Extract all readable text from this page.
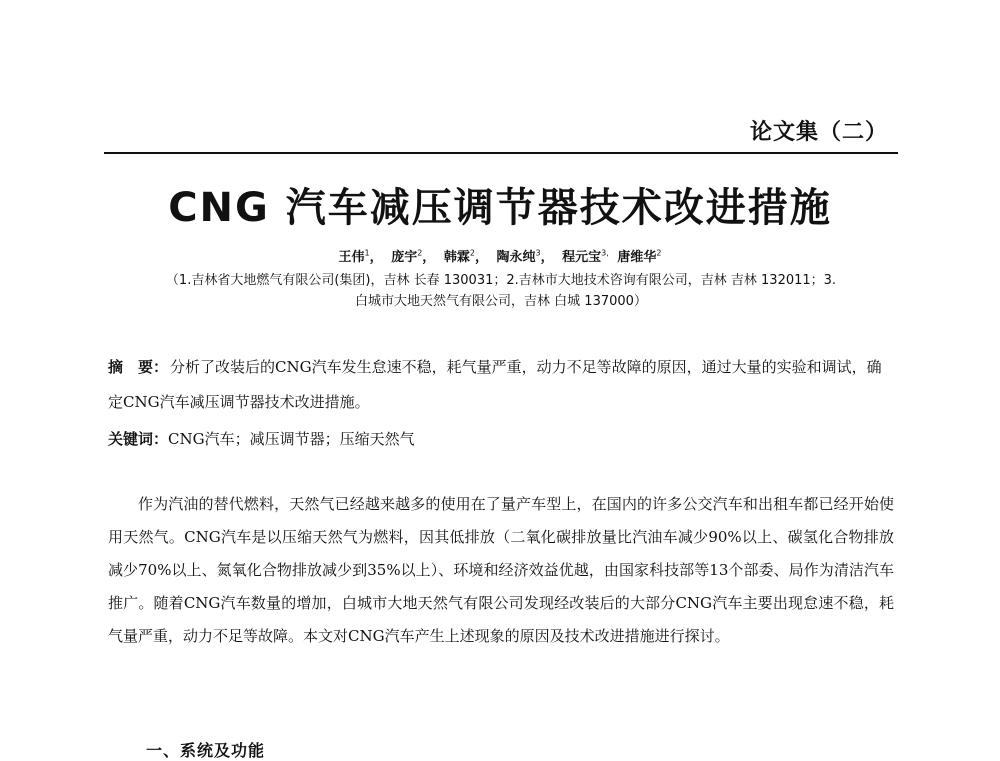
论文集（二）
CNG 汽车减压调节器技术改进措施
王伟$^1$， 庞宇$^2$， 韩霖$^2$， 陶永纯$^3$， 程元宝$^{3,}$ 唐维华$^2$
（1.吉林省大地燃气有限公司(集团)，吉林 长春 130031；2.吉林市大地技术咨询有限公司，吉林 吉林 132011；3.
白城市大地天然气有限公司，吉林 白城 137000）
摘　要： 分析了改装后的CNG汽车发生怠速不稳，耗气量严重，动力不足等故障的原因，通过大量的实验和调试，确定CNG汽车减压调节器技术改进措施。
关键词：CNG汽车；减压调节器；压缩天然气

作为汽油的替代燃料，天然气已经越来越多的使用在了量产车型上，在国内的许多公交汽车和出租车都已经开始使用天然气。CNG汽车是以压缩天然气为燃料，因其低排放（二氧化碳排放量比汽油车减少90%以上、碳氢化合物排放减少70%以上、氮氧化合物排放减少到35%以上）、环境和经济效益优越，由国家科技部等13个部委、局作为清洁汽车推广。随着CNG汽车数量的增加，白城市大地天然气有限公司发现经改装后的大部分CNG汽车主要出现怠速不稳，耗气量严重，动力不足等故障。本文对CNG汽车产生上述现象的原因及技术改进措施进行探讨。

一、系统及功能
